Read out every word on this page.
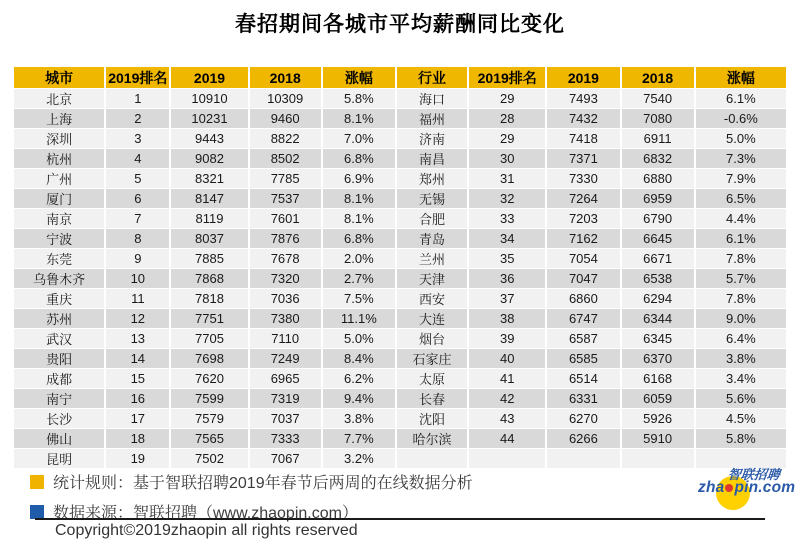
春招期间各城市平均薪酬同比变化
城市	2019排名	2019	2018	涨幅	行业	2019排名	2019	2018	涨幅
北京	1	10910	10309	5.8%	海口	29	7493	7540	6.1%
上海	2	10231	9460	8.1%	福州	28	7432	7080	-0.6%
深圳	3	9443	8822	7.0%	济南	29	7418	6911	5.0%
杭州	4	9082	8502	6.8%	南昌	30	7371	6832	7.3%
广州	5	8321	7785	6.9%	郑州	31	7330	6880	7.9%
厦门	6	8147	7537	8.1%	无锡	32	7264	6959	6.5%
南京	7	8119	7601	8.1%	合肥	33	7203	6790	4.4%
宁波	8	8037	7876	6.8%	青岛	34	7162	6645	6.1%
东莞	9	7885	7678	2.0%	兰州	35	7054	6671	7.8%
乌鲁木齐	10	7868	7320	2.7%	天津	36	7047	6538	5.7%
重庆	11	7818	7036	7.5%	西安	37	6860	6294	7.8%
苏州	12	7751	7380	11.1%	大连	38	6747	6344	9.0%
武汉	13	7705	7110	5.0%	烟台	39	6587	6345	6.4%
贵阳	14	7698	7249	8.4%	石家庄	40	6585	6370	3.8%
成都	15	7620	6965	6.2%	太原	41	6514	6168	3.4%
南宁	16	7599	7319	9.4%	长春	42	6331	6059	5.6%
长沙	17	7579	7037	3.8%	沈阳	43	6270	5926	4.5%
佛山	18	7565	7333	7.7%	哈尔滨	44	6266	5910	5.8%
昆明	19	7502	7067	3.2%					
统计规则：基于智联招聘2019年春节后两周的在线数据分析
数据来源：智联招聘（www.zhaopin.com）
智联招聘
zha pin.com
Copyright©2019zhaopin all rights reserved
